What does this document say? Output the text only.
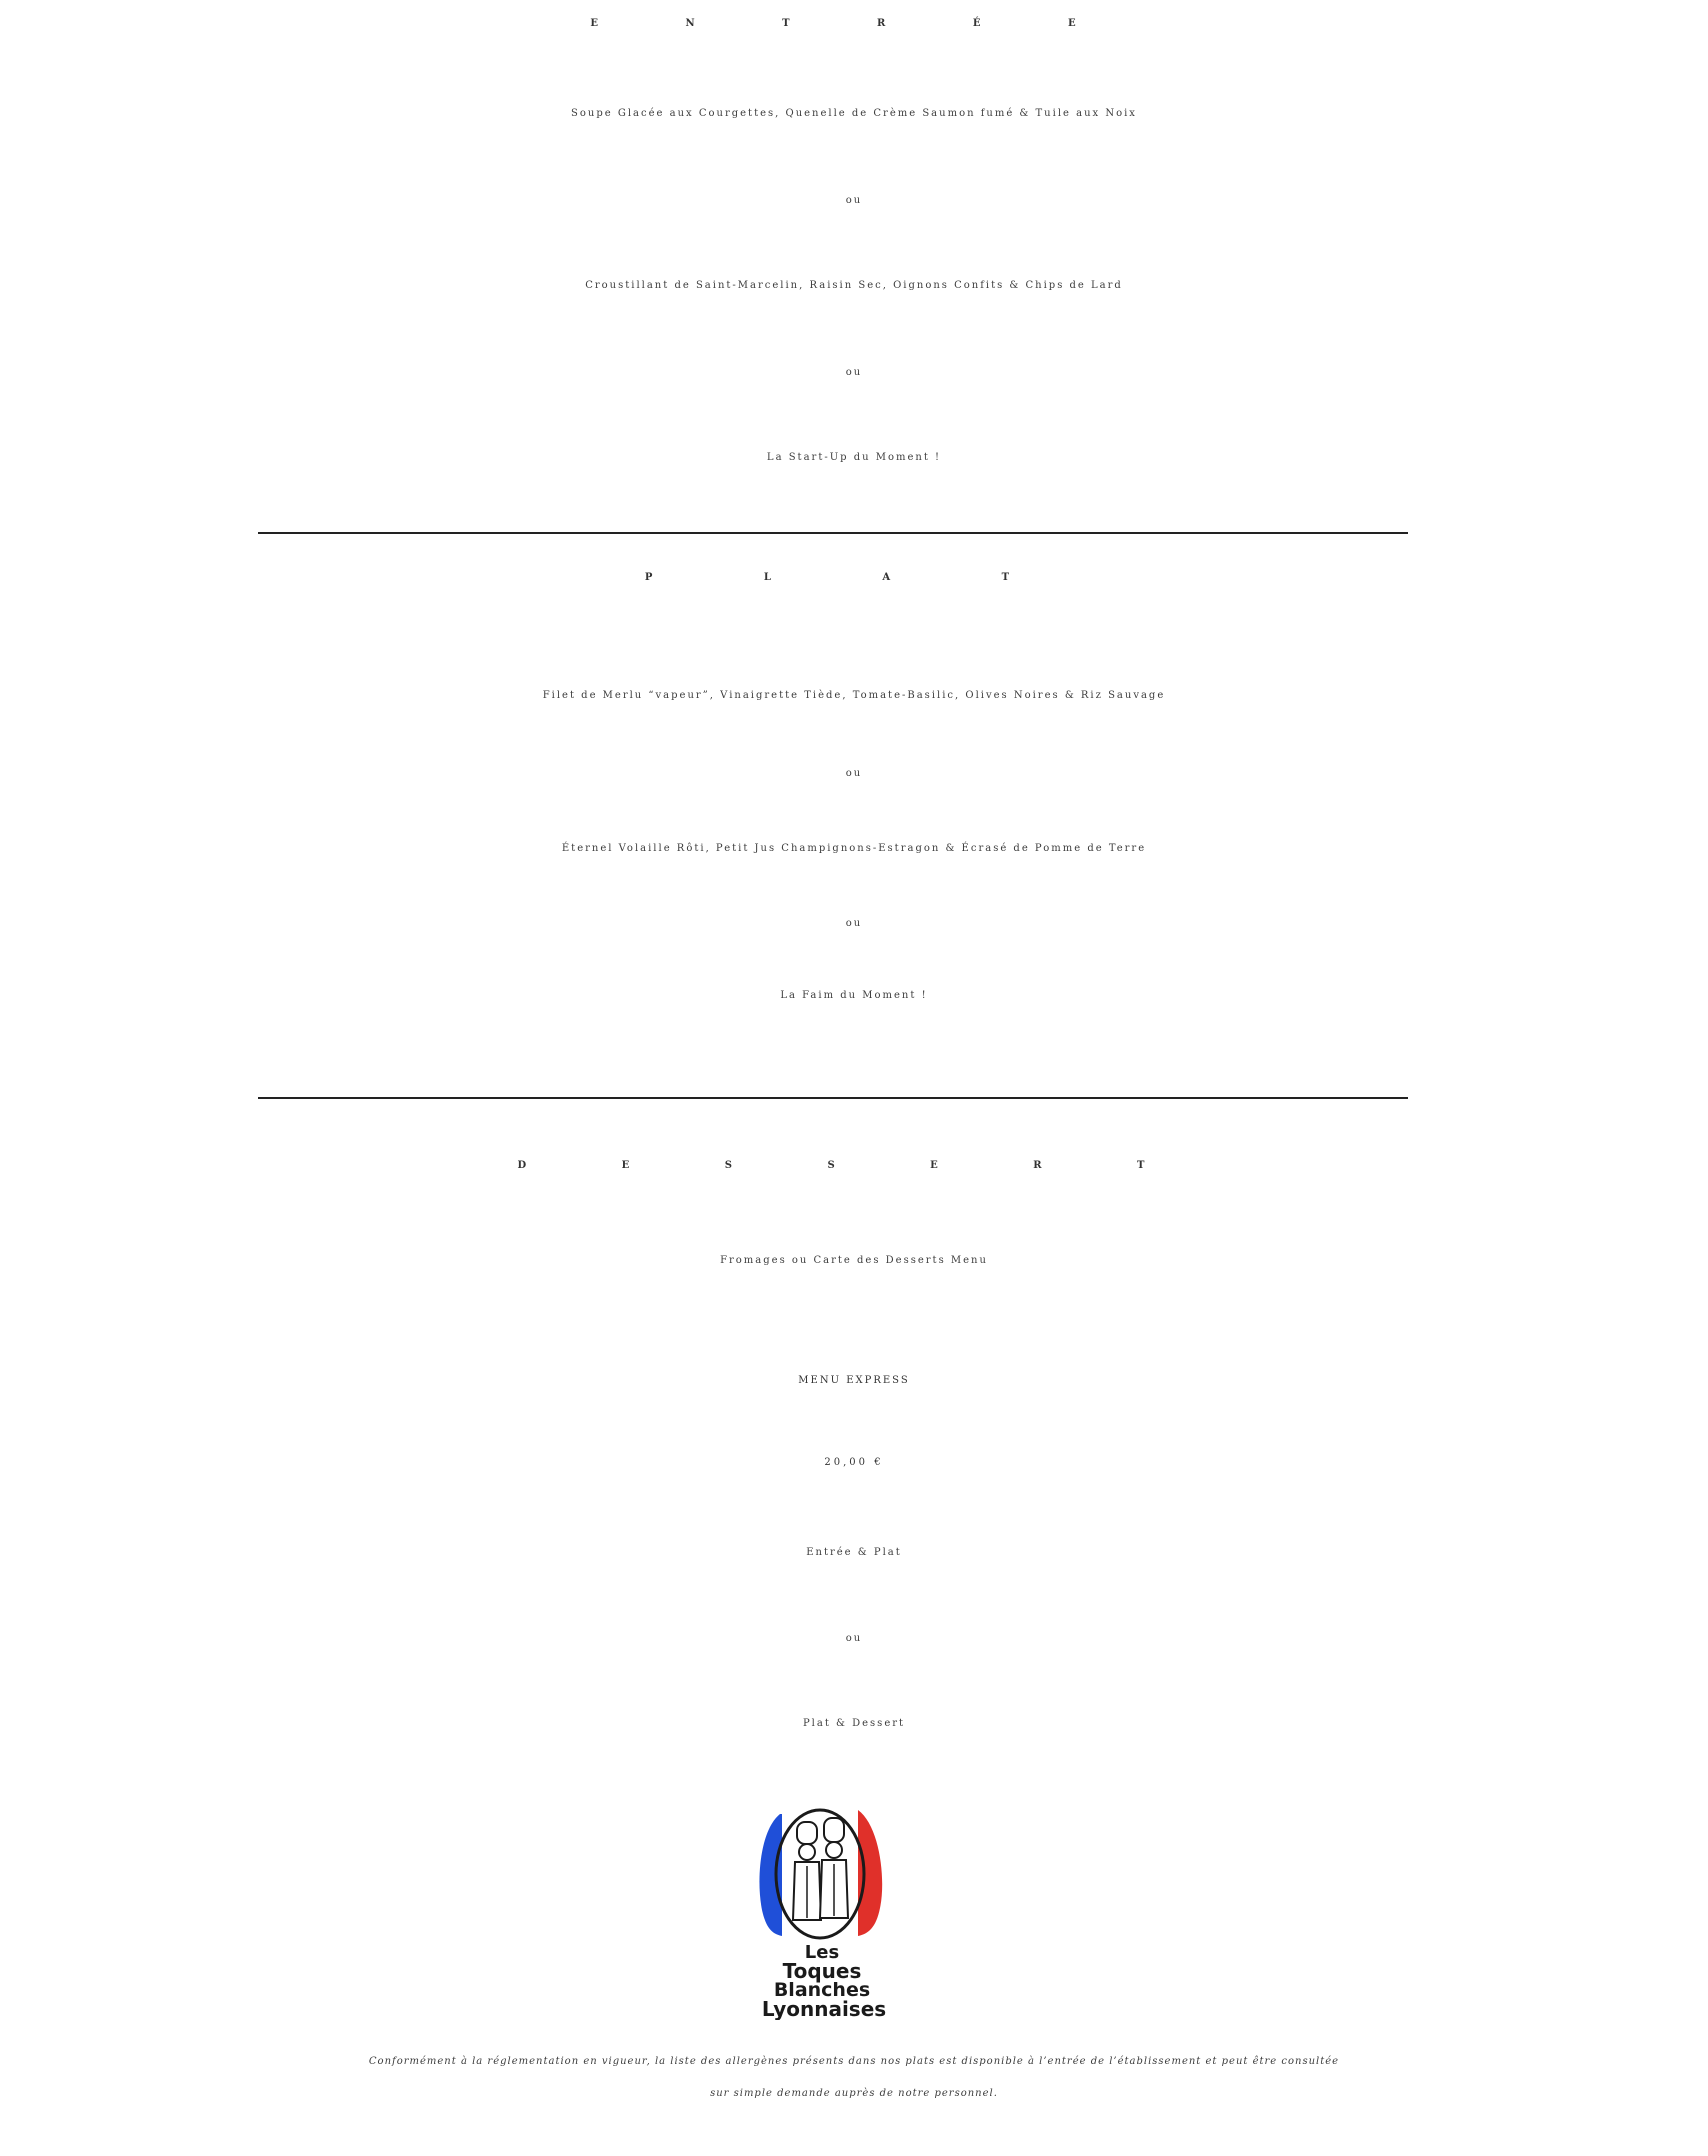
E N T R É E
Soupe Glacée aux Courgettes, Quenelle de Crème Saumon fumé & Tuile aux Noix
ou
Croustillant de Saint-Marcelin, Raisin Sec, Oignons Confits & Chips de Lard
ou
La Start-Up du Moment !
P L A T
Filet de Merlu “vapeur”, Vinaigrette Tiède, Tomate-Basilic, Olives Noires & Riz Sauvage
ou
Éternel Volaille Rôti, Petit Jus Champignons-Estragon & Écrasé de Pomme de Terre
ou
La Faim du Moment !
D E S S E R T
Fromages ou Carte des Desserts Menu
MENU EXPRESS
20,00 €
Entrée & Plat
ou
Plat & Dessert
Les
Toques
Blanches
Lyonnaises
Conformément à la réglementation en vigueur, la liste des allergènes présents dans nos plats est disponible à l’entrée de l’établissement et peut être consultée
sur simple demande auprès de notre personnel.
